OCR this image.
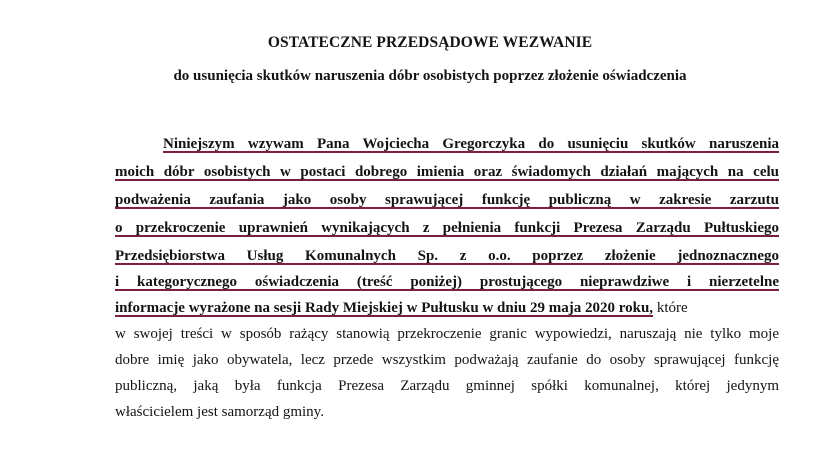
OSTATECZNE PRZEDSĄDOWE WEZWANIE
do usunięcia skutków naruszenia dóbr osobistych poprzez złożenie oświadczenia
Niniejszym wzywam Pana Wojciecha Gregorczyka do usunięciu skutków naruszenia
moich dóbr osobistych w postaci dobrego imienia oraz świadomych działań mających na celu
podważenia zaufania jako osoby sprawującej funkcję publiczną w zakresie zarzutu
o przekroczenie uprawnień wynikających z pełnienia funkcji Prezesa Zarządu Pułtuskiego
Przedsiębiorstwa Usług Komunalnych Sp. z o.o. poprzez złożenie jednoznacznego
i kategorycznego oświadczenia (treść poniżej) prostującego nieprawdziwe i nierzetelne
informacje wyrażone na sesji Rady Miejskiej w Pułtusku w dniu 29 maja 2020 roku, które
w swojej treści w sposób rażący stanowią przekroczenie granic wypowiedzi, naruszają nie tylko moje
dobre imię jako obywatela, lecz przede wszystkim podważają zaufanie do osoby sprawującej funkcję
publiczną, jaką była funkcja Prezesa Zarządu gminnej spółki komunalnej, której jedynym
właścicielem jest samorząd gminy.
